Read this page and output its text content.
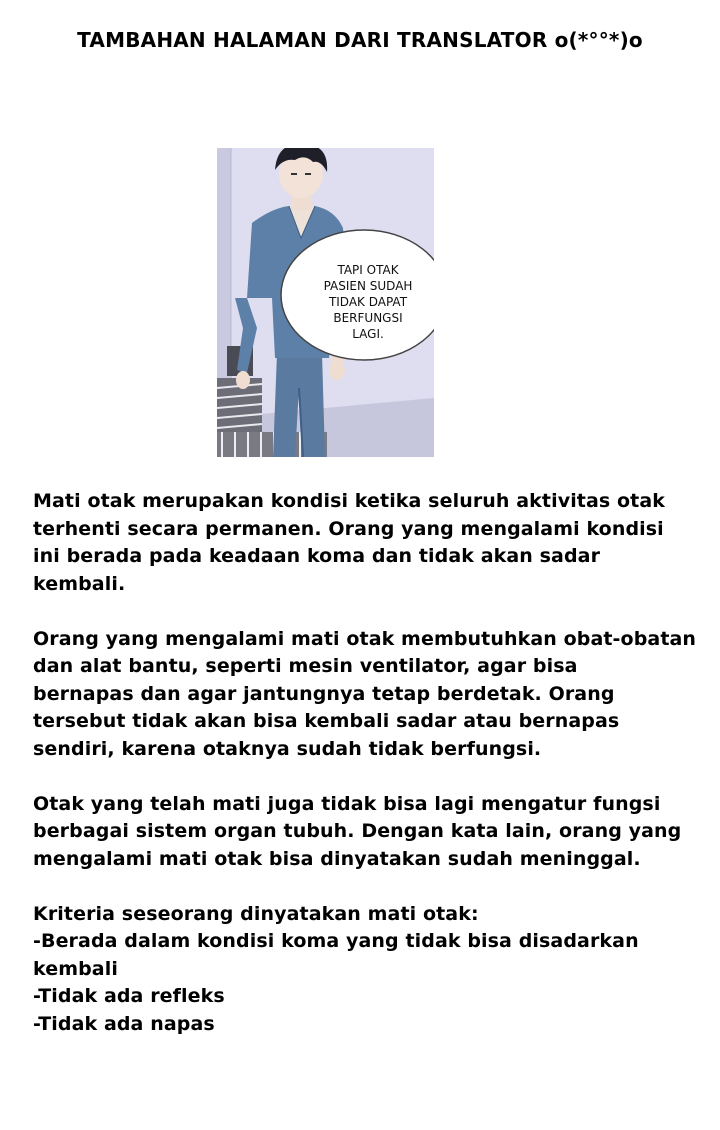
TAMBAHAN HALAMAN DARI TRANSLATOR o(*°°*)o
TAPI OTAK
PASIEN SUDAH
TIDAK DAPAT
BERFUNGSI
LAGI.
Mati otak merupakan kondisi ketika seluruh aktivitas otak
terhenti secara permanen. Orang yang mengalami kondisi
ini berada pada keadaan koma dan tidak akan sadar
kembali.
Orang yang mengalami mati otak membutuhkan obat-obatan
dan alat bantu, seperti mesin ventilator, agar bisa
bernapas dan agar jantungnya tetap berdetak. Orang
tersebut tidak akan bisa kembali sadar atau bernapas
sendiri, karena otaknya sudah tidak berfungsi.
Otak yang telah mati juga tidak bisa lagi mengatur fungsi
berbagai sistem organ tubuh. Dengan kata lain, orang yang
mengalami mati otak bisa dinyatakan sudah meninggal.
Kriteria seseorang dinyatakan mati otak:
-Berada dalam kondisi koma yang tidak bisa disadarkan
kembali
-Tidak ada refleks
-Tidak ada napas
